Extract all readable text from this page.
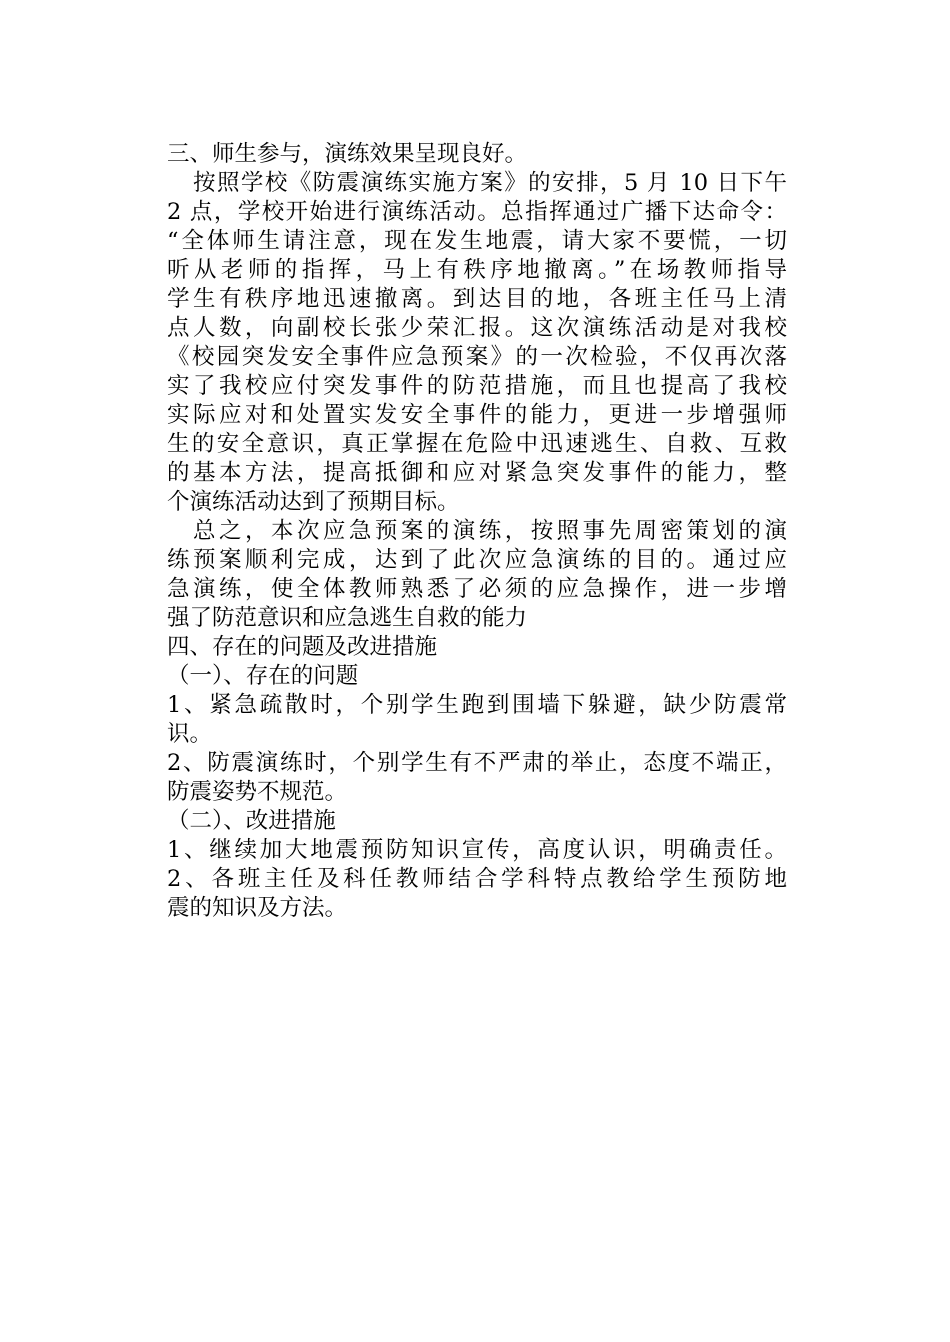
三、师生参与，演练效果呈现良好。
按照学校《防震演练实施方案》的安排，5 月 10 日下午
2 点，学校开始进行演练活动。总指挥通过广播下达命令：
“全体师生请注意，现在发生地震，请大家不要慌，一切
听从老师的指挥，马上有秩序地撤离。”在场教师指导
学生有秩序地迅速撤离。到达目的地，各班主任马上清
点人数，向副校长张少荣汇报。这次演练活动是对我校
《校园突发安全事件应急预案》的一次检验，不仅再次落
实了我校应付突发事件的防范措施，而且也提高了我校
实际应对和处置实发安全事件的能力，更进一步增强师
生的安全意识，真正掌握在危险中迅速逃生、自救、互救
的基本方法，提高抵御和应对紧急突发事件的能力，整
个演练活动达到了预期目标。
总之，本次应急预案的演练，按照事先周密策划的演
练预案顺利完成，达到了此次应急演练的目的。通过应
急演练，使全体教师熟悉了必须的应急操作，进一步增
强了防范意识和应急逃生自救的能力
四、存在的问题及改进措施
（一）、存在的问题
1、紧急疏散时，个别学生跑到围墙下躲避，缺少防震常
识。
2、防震演练时，个别学生有不严肃的举止，态度不端正，
防震姿势不规范。
（二）、改进措施
1、继续加大地震预防知识宣传，高度认识，明确责任。
2、各班主任及科任教师结合学科特点教给学生预防地
震的知识及方法。
